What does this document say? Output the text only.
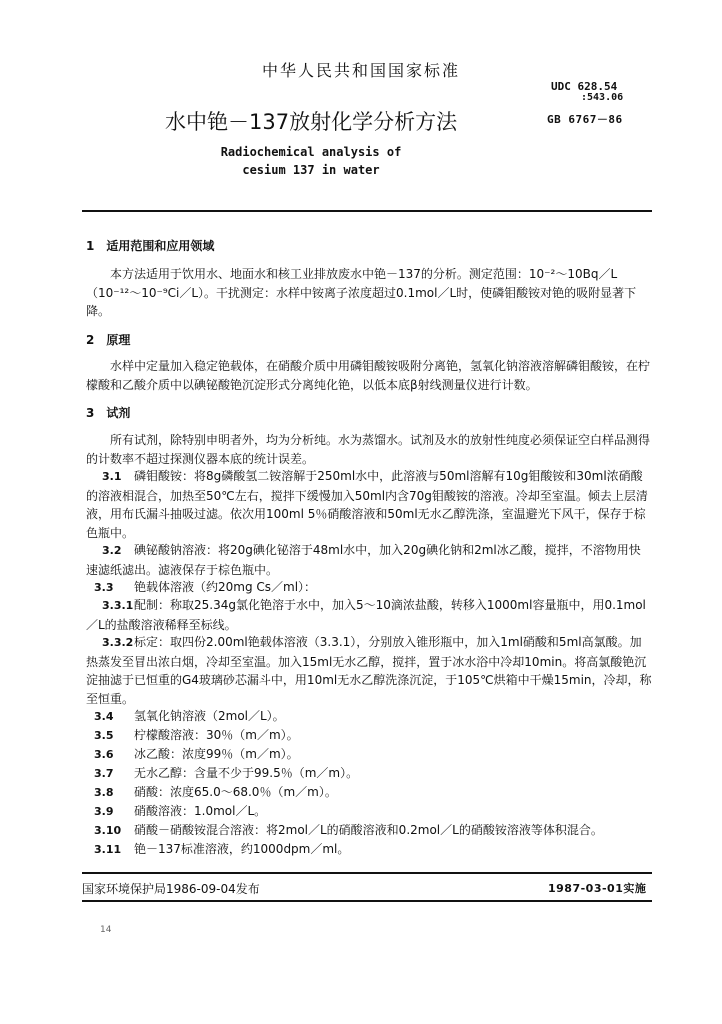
中华人民共和国国家标准
UDC 628.54
:543.06
水中铯－137放射化学分析方法	GB 6767－86
Radiochemical analysis of
cesium 137 in water
1　适用范围和应用领域
本方法适用于饮用水、地面水和核工业排放废水中铯－137的分析。测定范围：10⁻²～10Bq／L（10⁻¹²～10⁻⁹Ci／L）。干扰测定：水样中铵离子浓度超过0.1mol／L时，使磷钼酸铵对铯的吸附显著下降。
2　原理
水样中定量加入稳定铯载体，在硝酸介质中用磷钼酸铵吸附分离铯，氢氧化钠溶液溶解磷钼酸铵，在柠檬酸和乙酸介质中以碘铋酸铯沉淀形式分离纯化铯，以低本底β射线测量仪进行计数。
3　试剂
所有试剂，除特别申明者外，均为分析纯。水为蒸馏水。试剂及水的放射性纯度必须保证空白样品测得的计数率不超过探测仪器本底的统计误差。
3.1 磷钼酸铵：将8g磷酸氢二铵溶解于250ml水中，此溶液与50ml溶解有10g钼酸铵和30ml浓硝酸的溶液相混合，加热至50℃左右，搅拌下缓慢加入50ml内含70g钼酸铵的溶液。冷却至室温。倾去上层清液，用布氏漏斗抽吸过滤。依次用100ml 5％硝酸溶液和50ml无水乙醇洗涤，室温避光下风干，保存于棕色瓶中。
3.2 碘铋酸钠溶液：将20g碘化铋溶于48ml水中，加入20g碘化钠和2ml冰乙酸，搅拌，不溶物用快速滤纸滤出。滤液保存于棕色瓶中。
3.3 铯载体溶液（约20mg Cs／ml）：
3.3.1配制：称取25.34g氯化铯溶于水中，加入5～10滴浓盐酸，转移入1000ml容量瓶中，用0.1mol／L的盐酸溶液稀释至标线。
3.3.2标定：取四份2.00ml铯载体溶液（3.3.1），分别放入锥形瓶中，加入1ml硝酸和5ml高氯酸。加热蒸发至冒出浓白烟，冷却至室温。加入15ml无水乙醇，搅拌，置于冰水浴中冷却10min。将高氯酸铯沉淀抽滤于已恒重的G4玻璃砂芯漏斗中，用10ml无水乙醇洗涤沉淀，于105℃烘箱中干燥15min，冷却，称至恒重。
3.4 氢氧化钠溶液（2mol／L）。
3.5 柠檬酸溶液：30％（m／m）。
3.6 冰乙酸：浓度99％（m／m）。
3.7 无水乙醇：含量不少于99.5％（m／m）。
3.8 硝酸：浓度65.0～68.0％（m／m）。
3.9 硝酸溶液：1.0mol／L。
3.10 硝酸－硝酸铵混合溶液：将2mol／L的硝酸溶液和0.2mol／L的硝酸铵溶液等体积混合。
3.11 铯－137标准溶液，约1000dpm／ml。
国家环境保护局1986-09-04发布	1987-03-01实施
14
